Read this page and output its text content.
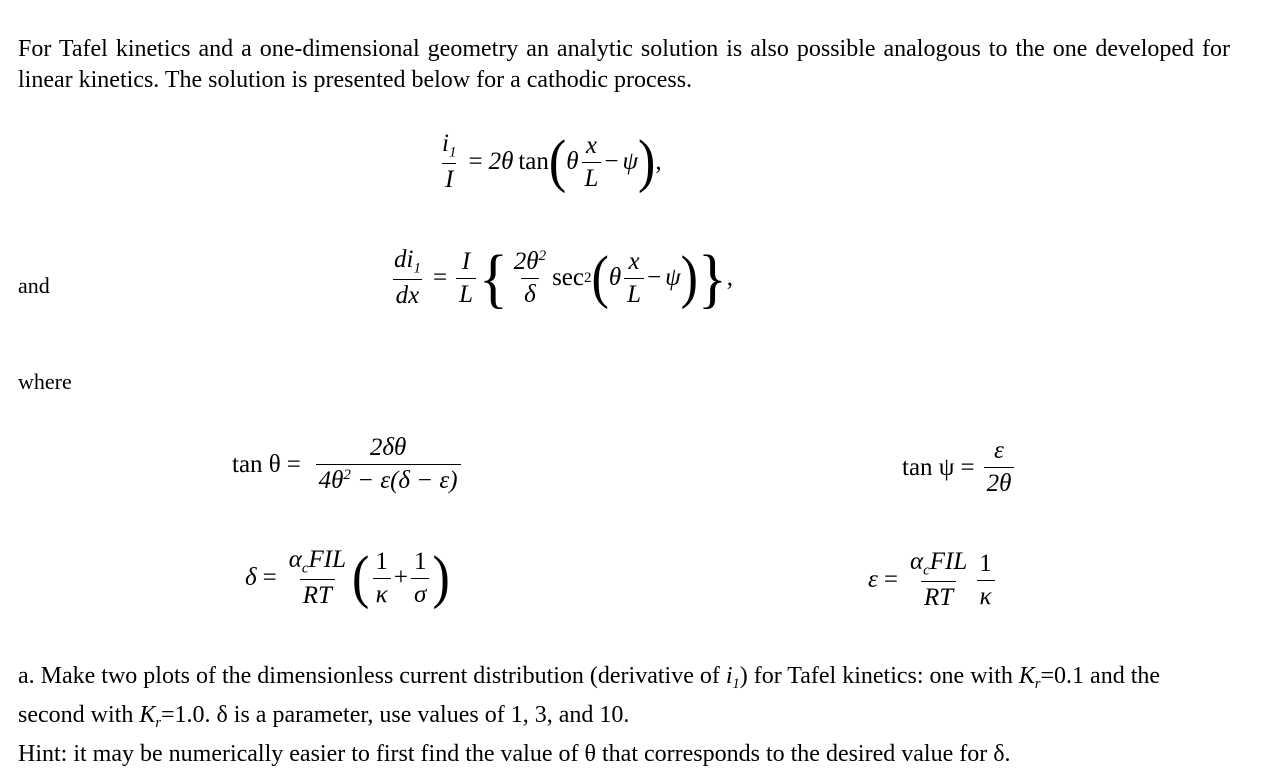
For Tafel kinetics and a one-dimensional geometry an analytic solution is also possible analogous to the one developed for linear kinetics. The solution is presented below for a cathodic process.
$\frac{i_1}{I} = 2\theta$ tan ( θ $\frac{x}{L} - \psi$ ) ,
and	$\frac{di_1}{dx} = \frac{I}{L}$ { $\frac{2\theta^2}{\delta}$ sec 2 ( θ $\frac{x}{L} - \psi$ ) } ,
where
$\tan \theta = \frac{2\delta\theta}{4\theta^2 - \varepsilon(\delta - \varepsilon)}$	$\tan \psi = \frac{\varepsilon}{2\theta}$
$\delta = \frac{\alpha_cFIL}{RT}$ ( $\frac{1}{\kappa} + \frac{1}{\sigma}$ )	$\varepsilon = \frac{\alpha_cFIL}{RT} \frac{1}{\kappa}$
a. Make two plots of the dimensionless current distribution (derivative of $i_1$) for Tafel kinetics: one with $K_r=0.1$ and the second with $K_r=1.0$. δ is a parameter, use values of 1, 3, and 10.
Hint: it may be numerically easier to first find the value of θ that corresponds to the desired value for δ.
